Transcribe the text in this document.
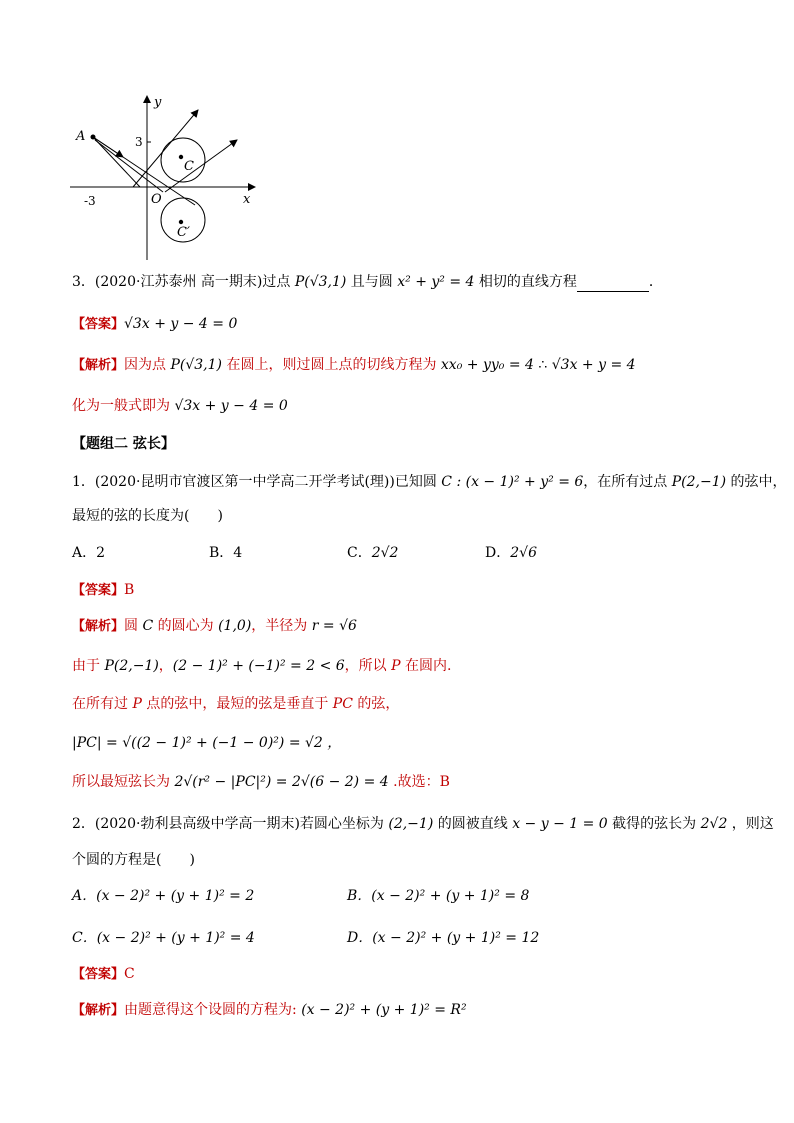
y
x
O
3
-3
C
C′
A
3．(2020·江苏泰州 高一期末)过点 P(√3,1) 且与圆 x² + y² = 4 相切的直线方程	．
【答案】√3x + y − 4 = 0
【解析】因为点 P(√3,1) 在圆上，则过圆上点的切线方程为 xx₀ + yy₀ = 4 ∴ √3x + y = 4
化为一般式即为 √3x + y − 4 = 0
【题组二 弦长】
1．(2020·昆明市官渡区第一中学高二开学考试(理))已知圆 C : (x − 1)² + y² = 6，在所有过点 P(2,−1) 的弦中，
最短的弦的长度为(　　)
A．2	B．4	C．2√2	D．2√6
【答案】B
【解析】圆 C 的圆心为 (1,0)，半径为 r = √6
由于 P(2,−1)，(2 − 1)² + (−1)² = 2 < 6，所以 P 在圆内.
在所有过 P 点的弦中，最短的弦是垂直于 PC 的弦，
|PC| = √((2 − 1)² + (−1 − 0)²) = √2 ，
所以最短弦长为 2√(r² − |PC|²) = 2√(6 − 2) = 4 .故选：B
2．(2020·勃利县高级中学高一期末)若圆心坐标为 (2,−1) 的圆被直线 x − y − 1 = 0 截得的弦长为 2√2 ，则这
个圆的方程是(　　)
A．(x − 2)² + (y + 1)² = 2	B．(x − 2)² + (y + 1)² = 8
C．(x − 2)² + (y + 1)² = 4	D．(x − 2)² + (y + 1)² = 12
【答案】C
【解析】由题意得这个设圆的方程为: (x − 2)² + (y + 1)² = R²
